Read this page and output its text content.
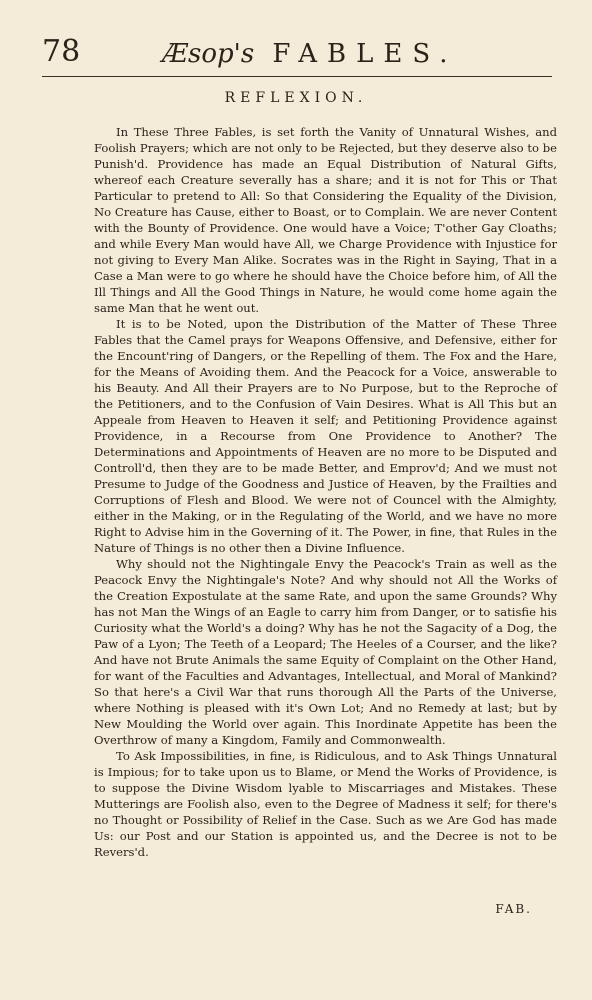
78	Æsop's FABLES.
REFLEXION.

In These Three Fables, is set forth the Vanity of Unnatural Wishes, and Foolish Prayers; which are not only to be Rejected, but they deserve also to be Punish'd. Providence has made an Equal Distribution of Natural Gifts, whereof each Creature severally has a share; and it is not for This or That Particular to pretend to All: So that Considering the Equality of the Division, No Creature has Cause, either to Boast, or to Complain. We are never Content with the Bounty of Providence. One would have a Voice; T'other Gay Cloaths; and while Every Man would have All, we Charge Providence with Injustice for not giving to Every Man Alike. Socrates was in the Right in Saying, That in a Case a Man were to go where he should have the Choice before him, of All the Ill Things and All the Good Things in Nature, he would come home again the same Man that he went out.

It is to be Noted, upon the Distribution of the Matter of These Three Fables that the Camel prays for Weapons Offensive, and Defensive, either for the Encount'ring of Dangers, or the Repelling of them. The Fox and the Hare, for the Means of Avoiding them. And the Peacock for a Voice, answerable to his Beauty. And All their Prayers are to No Purpose, but to the Reproche of the Petitioners, and to the Confusion of Vain Desires. What is All This but an Appeale from Heaven to Heaven it self; and Petitioning Providence against Providence, in a Recourse from One Providence to Another? The Determinations and Appointments of Heaven are no more to be Disputed and Controll'd, then they are to be made Better, and Emprov'd; And we must not Presume to Judge of the Goodness and Justice of Heaven, by the Frailties and Corruptions of Flesh and Blood. We were not of Councel with the Almighty, either in the Making, or in the Regulating of the World, and we have no more Right to Advise him in the Governing of it. The Power, in fine, that Rules in the Nature of Things is no other then a Divine Influence.

Why should not the Nightingale Envy the Peacock's Train as well as the Peacock Envy the Nightingale's Note? And why should not All the Works of the Creation Expostulate at the same Rate, and upon the same Grounds? Why has not Man the Wings of an Eagle to carry him from Danger, or to satisfie his Curiosity what the World's a doing? Why has he not the Sagacity of a Dog, the Paw of a Lyon; The Teeth of a Leopard; The Heeles of a Courser, and the like? And have not Brute Animals the same Equity of Complaint on the Other Hand, for want of the Faculties and Advantages, Intellectual, and Moral of Mankind? So that here's a Civil War that runs thorough All the Parts of the Universe, where Nothing is pleased with it's Own Lot; And no Remedy at last; but by New Moulding the World over again. This Inordinate Appetite has been the Overthrow of many a Kingdom, Family and Commonwealth.

To Ask Impossibilities, in fine, is Ridiculous, and to Ask Things Unnatural is Impious; for to take upon us to Blame, or Mend the Works of Providence, is to suppose the Divine Wisdom lyable to Miscarriages and Mistakes. These Mutterings are Foolish also, even to the Degree of Madness it self; for there's no Thought or Possibility of Relief in the Case. Such as we Are God has made Us: our Post and our Station is appointed us, and the Decree is not to be Revers'd.

FAB.
